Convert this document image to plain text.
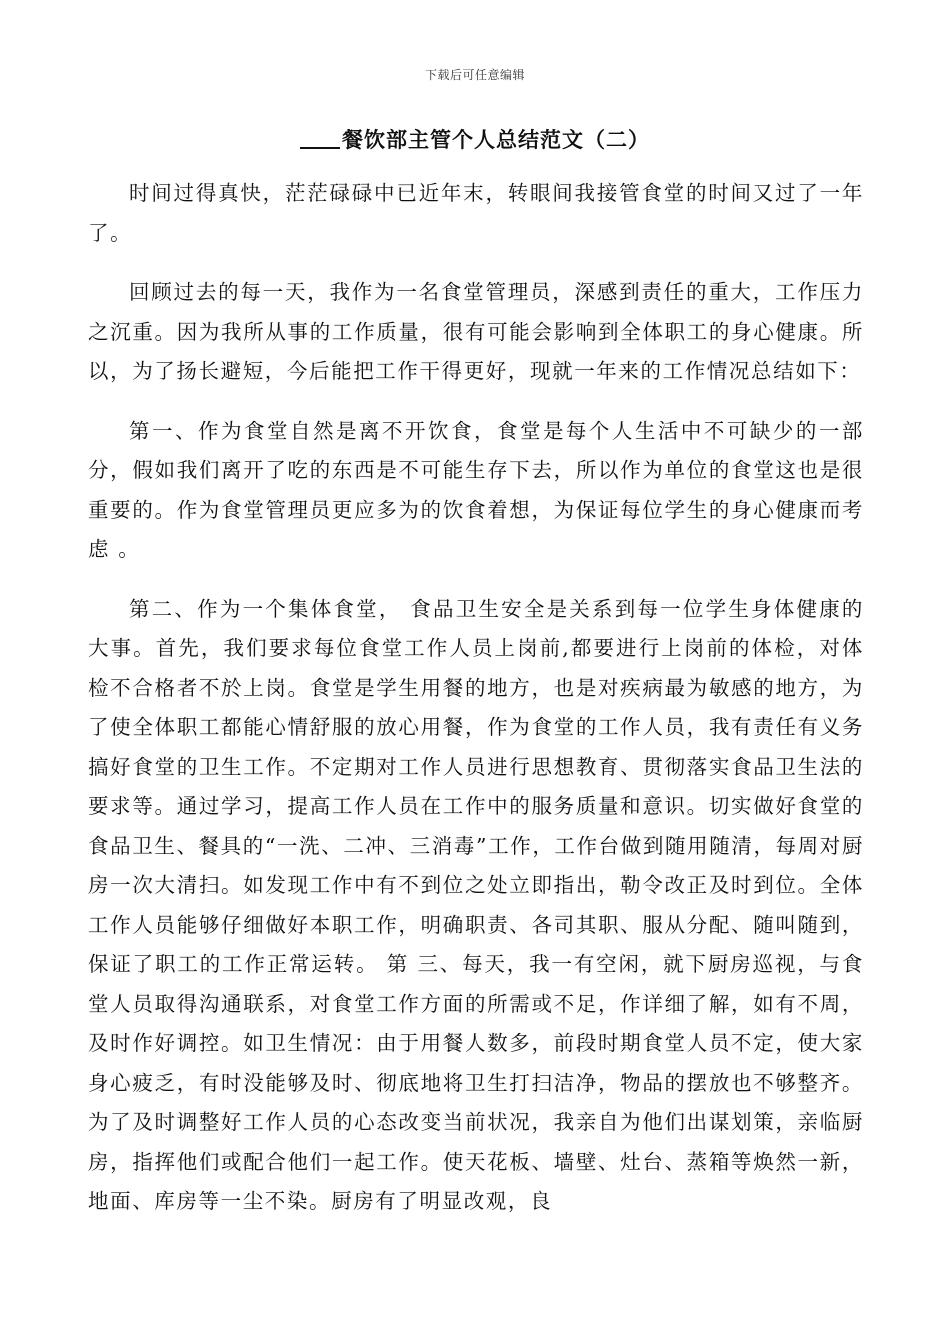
下载后可任意编辑
餐饮部主管个人总结范文（二）

时间过得真快，茫茫碌碌中已近年末，转眼间我接管食堂的时间又过了一年了。

回顾过去的每一天，我作为一名食堂管理员，深感到责任的重大，工作压力之沉重。因为我所从事的工作质量，很有可能会影响到全体职工的身心健康。所以，为了扬长避短，今后能把工作干得更好，现就一年来的工作情况总结如下：

第一、作为食堂自然是离不开饮食，食堂是每个人生活中不可缺少的一部分，假如我们离开了吃的东西是不可能生存下去，所以作为单位的食堂这也是很重要的。作为食堂管理员更应多为的饮食着想，为保证每位学生的身心健康而考虑 。

第二、作为一个集体食堂， 食品卫生安全是关系到每一位学生身体健康的大事。首先，我们要求每位食堂工作人员上岗前,都要进行上岗前的体检，对体检不合格者不於上岗。食堂是学生用餐的地方，也是对疾病最为敏感的地方，为了使全体职工都能心情舒服的放心用餐，作为食堂的工作人员，我有责任有义务搞好食堂的卫生工作。不定期对工作人员进行思想教育、贯彻落实食品卫生法的要求等。通过学习，提高工作人员在工作中的服务质量和意识。切实做好食堂的食品卫生、餐具的“一洗、二冲、三消毒”工作，工作台做到随用随清，每周对厨房一次大清扫。如发现工作中有不到位之处立即指出，勒令改正及时到位。全体工作人员能够仔细做好本职工作，明确职责、各司其职、服从分配、随叫随到，保证了职工的工作正常运转。 第 三、每天，我一有空闲，就下厨房巡视，与食堂人员取得沟通联系，对食堂工作方面的所需或不足，作详细了解，如有不周，及时作好调控。如卫生情况：由于用餐人数多，前段时期食堂人员不定，使大家身心疲乏，有时没能够及时、彻底地将卫生打扫洁净，物品的摆放也不够整齐。为了及时调整好工作人员的心态改变当前状况，我亲自为他们出谋划策，亲临厨房，指挥他们或配合他们一起工作。使天花板、墙壁、灶台、蒸箱等焕然一新，地面、库房等一尘不染。厨房有了明显改观，良
